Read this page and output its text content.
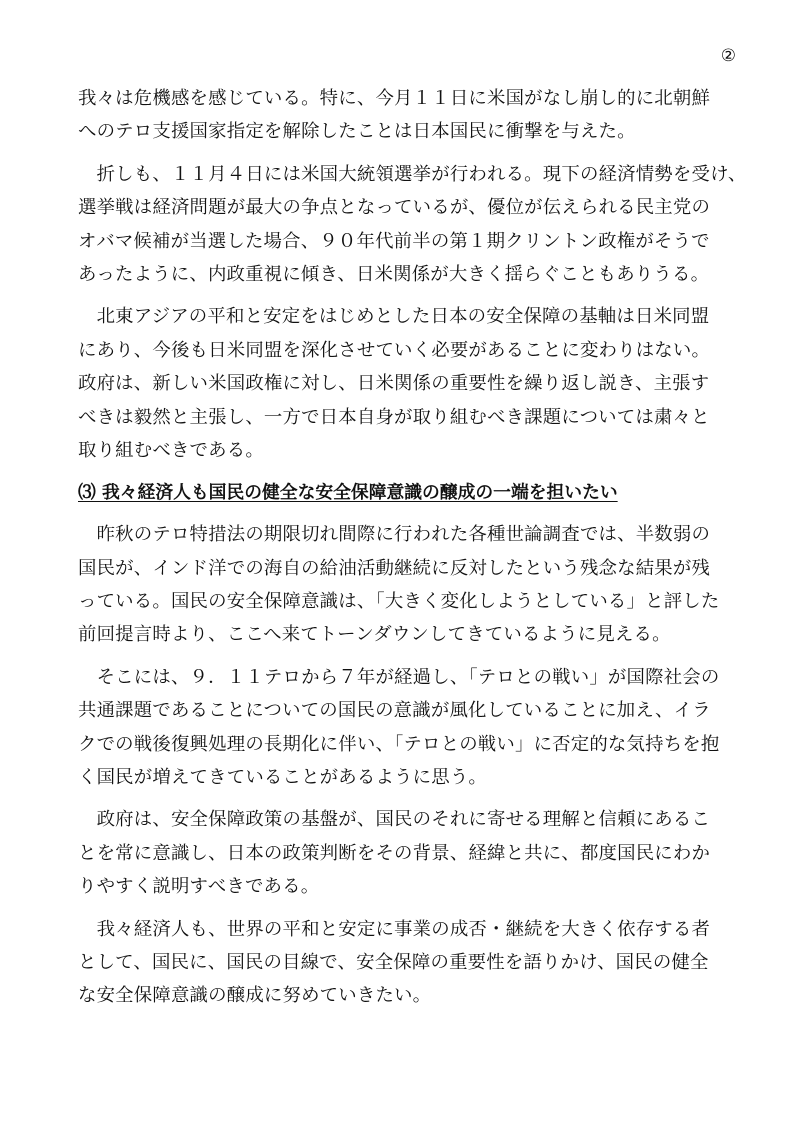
②
我々は危機感を感じている。特に、今月１１日に米国がなし崩し的に北朝鮮
へのテロ支援国家指定を解除したことは日本国民に衝撃を与えた。
　折しも、１１月４日には米国大統領選挙が行われる。現下の経済情勢を受け、
選挙戦は経済問題が最大の争点となっているが、優位が伝えられる民主党の
オバマ候補が当選した場合、９０年代前半の第１期クリントン政権がそうで
あったように、内政重視に傾き、日米関係が大きく揺らぐこともありうる。
　北東アジアの平和と安定をはじめとした日本の安全保障の基軸は日米同盟
にあり、今後も日米同盟を深化させていく必要があることに変わりはない。
政府は、新しい米国政権に対し、日米関係の重要性を繰り返し説き、主張す
べきは毅然と主張し、一方で日本自身が取り組むべき課題については粛々と
取り組むべきである。
⑶ 我々経済人も国民の健全な安全保障意識の醸成の一端を担いたい
　昨秋のテロ特措法の期限切れ間際に行われた各種世論調査では、半数弱の
国民が、インド洋での海自の給油活動継続に反対したという残念な結果が残
っている。国民の安全保障意識は、「大きく変化しようとしている」と評した
前回提言時より、ここへ来てトーンダウンしてきているように見える。
　そこには、９．１１テロから７年が経過し、「テロとの戦い」が国際社会の
共通課題であることについての国民の意識が風化していることに加え、イラ
クでの戦後復興処理の長期化に伴い、「テロとの戦い」に否定的な気持ちを抱
く国民が増えてきていることがあるように思う。
　政府は、安全保障政策の基盤が、国民のそれに寄せる理解と信頼にあるこ
とを常に意識し、日本の政策判断をその背景、経緯と共に、都度国民にわか
りやすく説明すべきである。
　我々経済人も、世界の平和と安定に事業の成否・継続を大きく依存する者
として、国民に、国民の目線で、安全保障の重要性を語りかけ、国民の健全
な安全保障意識の醸成に努めていきたい。
